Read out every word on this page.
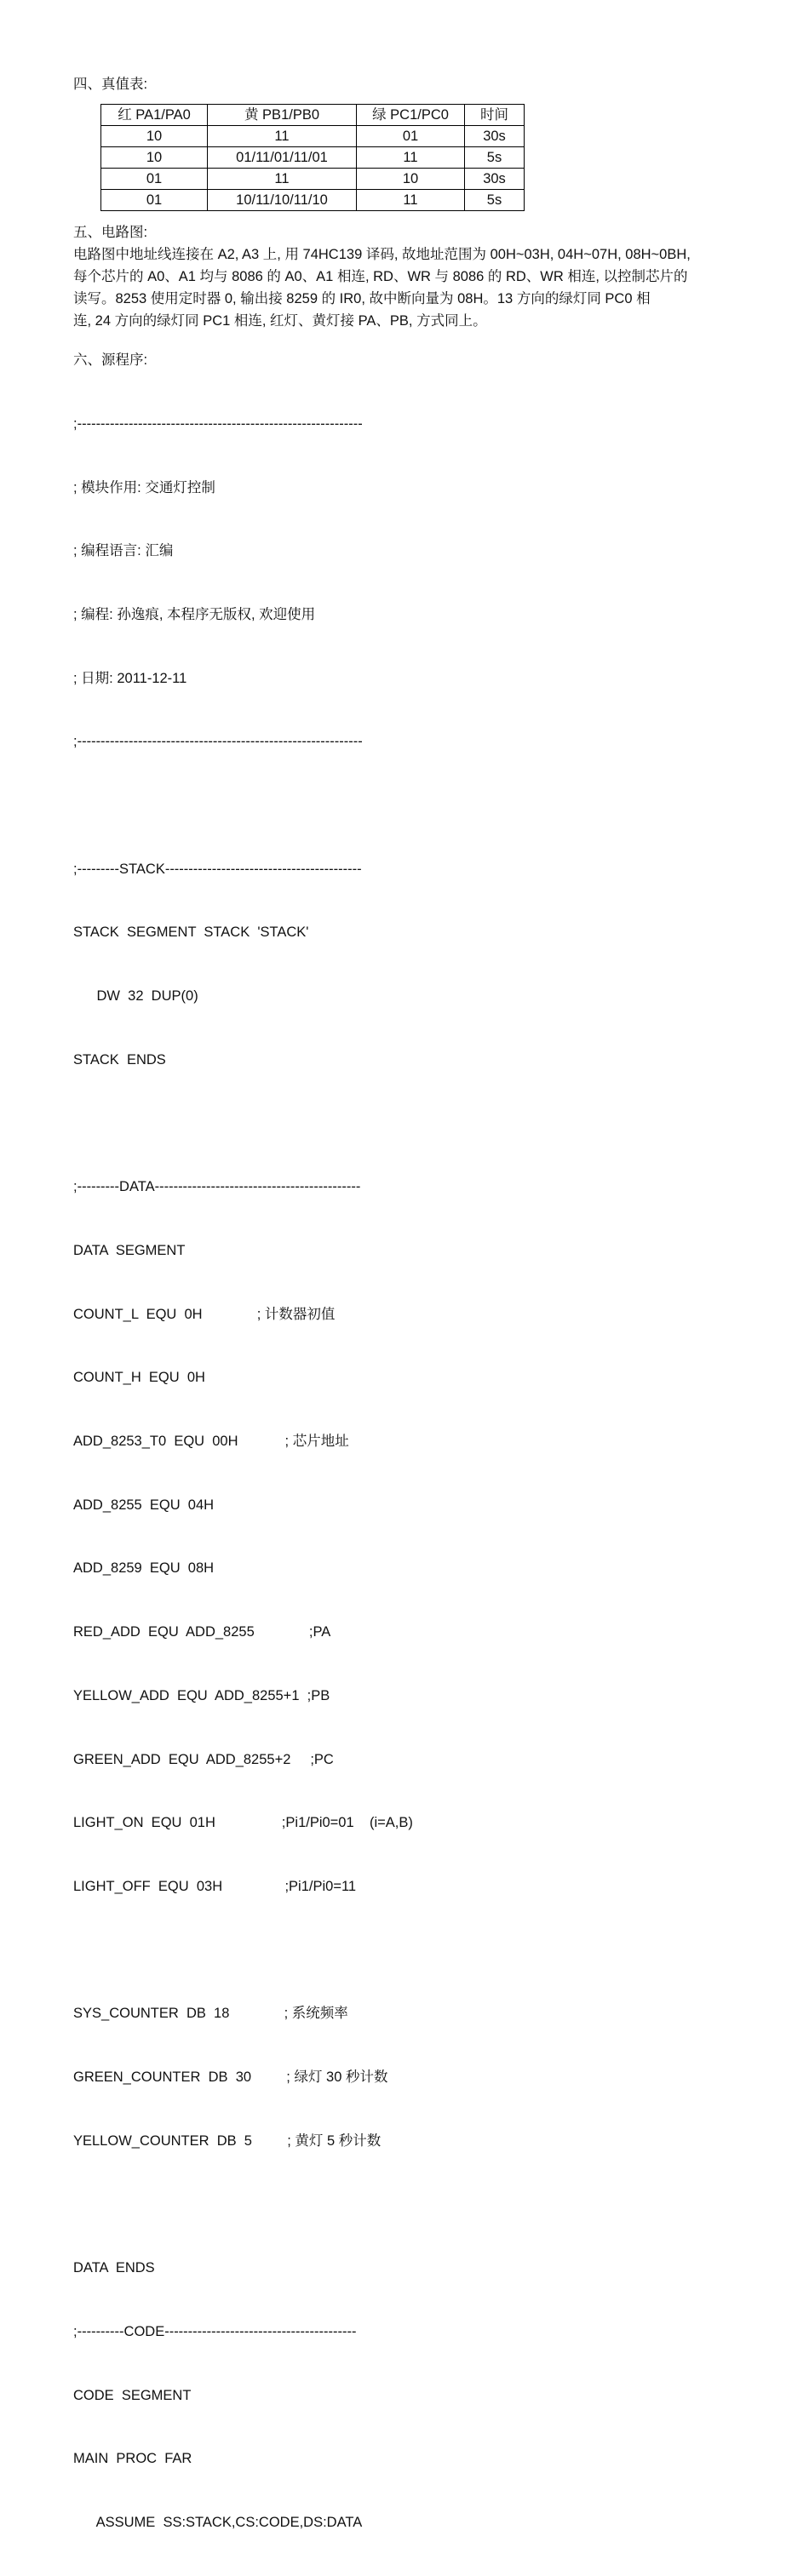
四、真值表:
红 PA1/PA0	黄 PB1/PB0	绿 PC1/PC0	时间
10	11	01	30s
10	01/11/01/11/01	11	5s
01	11	10	30s
01	10/11/10/11/10	11	5s
五、电路图:
电路图中地址线连接在 A2, A3 上, 用 74HC139 译码, 故地址范围为 00H~03H, 04H~07H, 08H~0BH,
每个芯片的 A0、A1 均与 8086 的 A0、A1 相连, RD、WR 与 8086 的 RD、WR 相连, 以控制芯片的
读写。8253 使用定时器 0, 输出接 8259 的 IR0, 故中断向量为 08H。13 方向的绿灯同 PC0 相
连, 24 方向的绿灯同 PC1 相连, 红灯、黄灯接 PA、PB, 方式同上。
六、源程序:

;-------------------------------------------------------------

; 模块作用: 交通灯控制

; 编程语言: 汇编

; 编程: 孙逸痕, 本程序无版权, 欢迎使用

; 日期: 2011-12-11

;-------------------------------------------------------------

;---------STACK------------------------------------------

STACK  SEGMENT  STACK  'STACK'

DW  32  DUP(0)

STACK  ENDS

;---------DATA--------------------------------------------

DATA  SEGMENT

COUNT_L  EQU  0H              ; 计数器初值

COUNT_H  EQU  0H

ADD_8253_T0  EQU  00H            ; 芯片地址

ADD_8255  EQU  04H

ADD_8259  EQU  08H

RED_ADD  EQU  ADD_8255              ;PA

YELLOW_ADD  EQU  ADD_8255+1  ;PB

GREEN_ADD  EQU  ADD_8255+2     ;PC

LIGHT_ON  EQU  01H                 ;Pi1/Pi0=01    (i=A,B)

LIGHT_OFF  EQU  03H                ;Pi1/Pi0=11

SYS_COUNTER  DB  18              ; 系统频率

GREEN_COUNTER  DB  30         ; 绿灯 30 秒计数

YELLOW_COUNTER  DB  5         ; 黄灯 5 秒计数

DATA  ENDS

;----------CODE-----------------------------------------

CODE  SEGMENT

MAIN  PROC  FAR

ASSUME  SS:STACK,CS:CODE,DS:DATA
